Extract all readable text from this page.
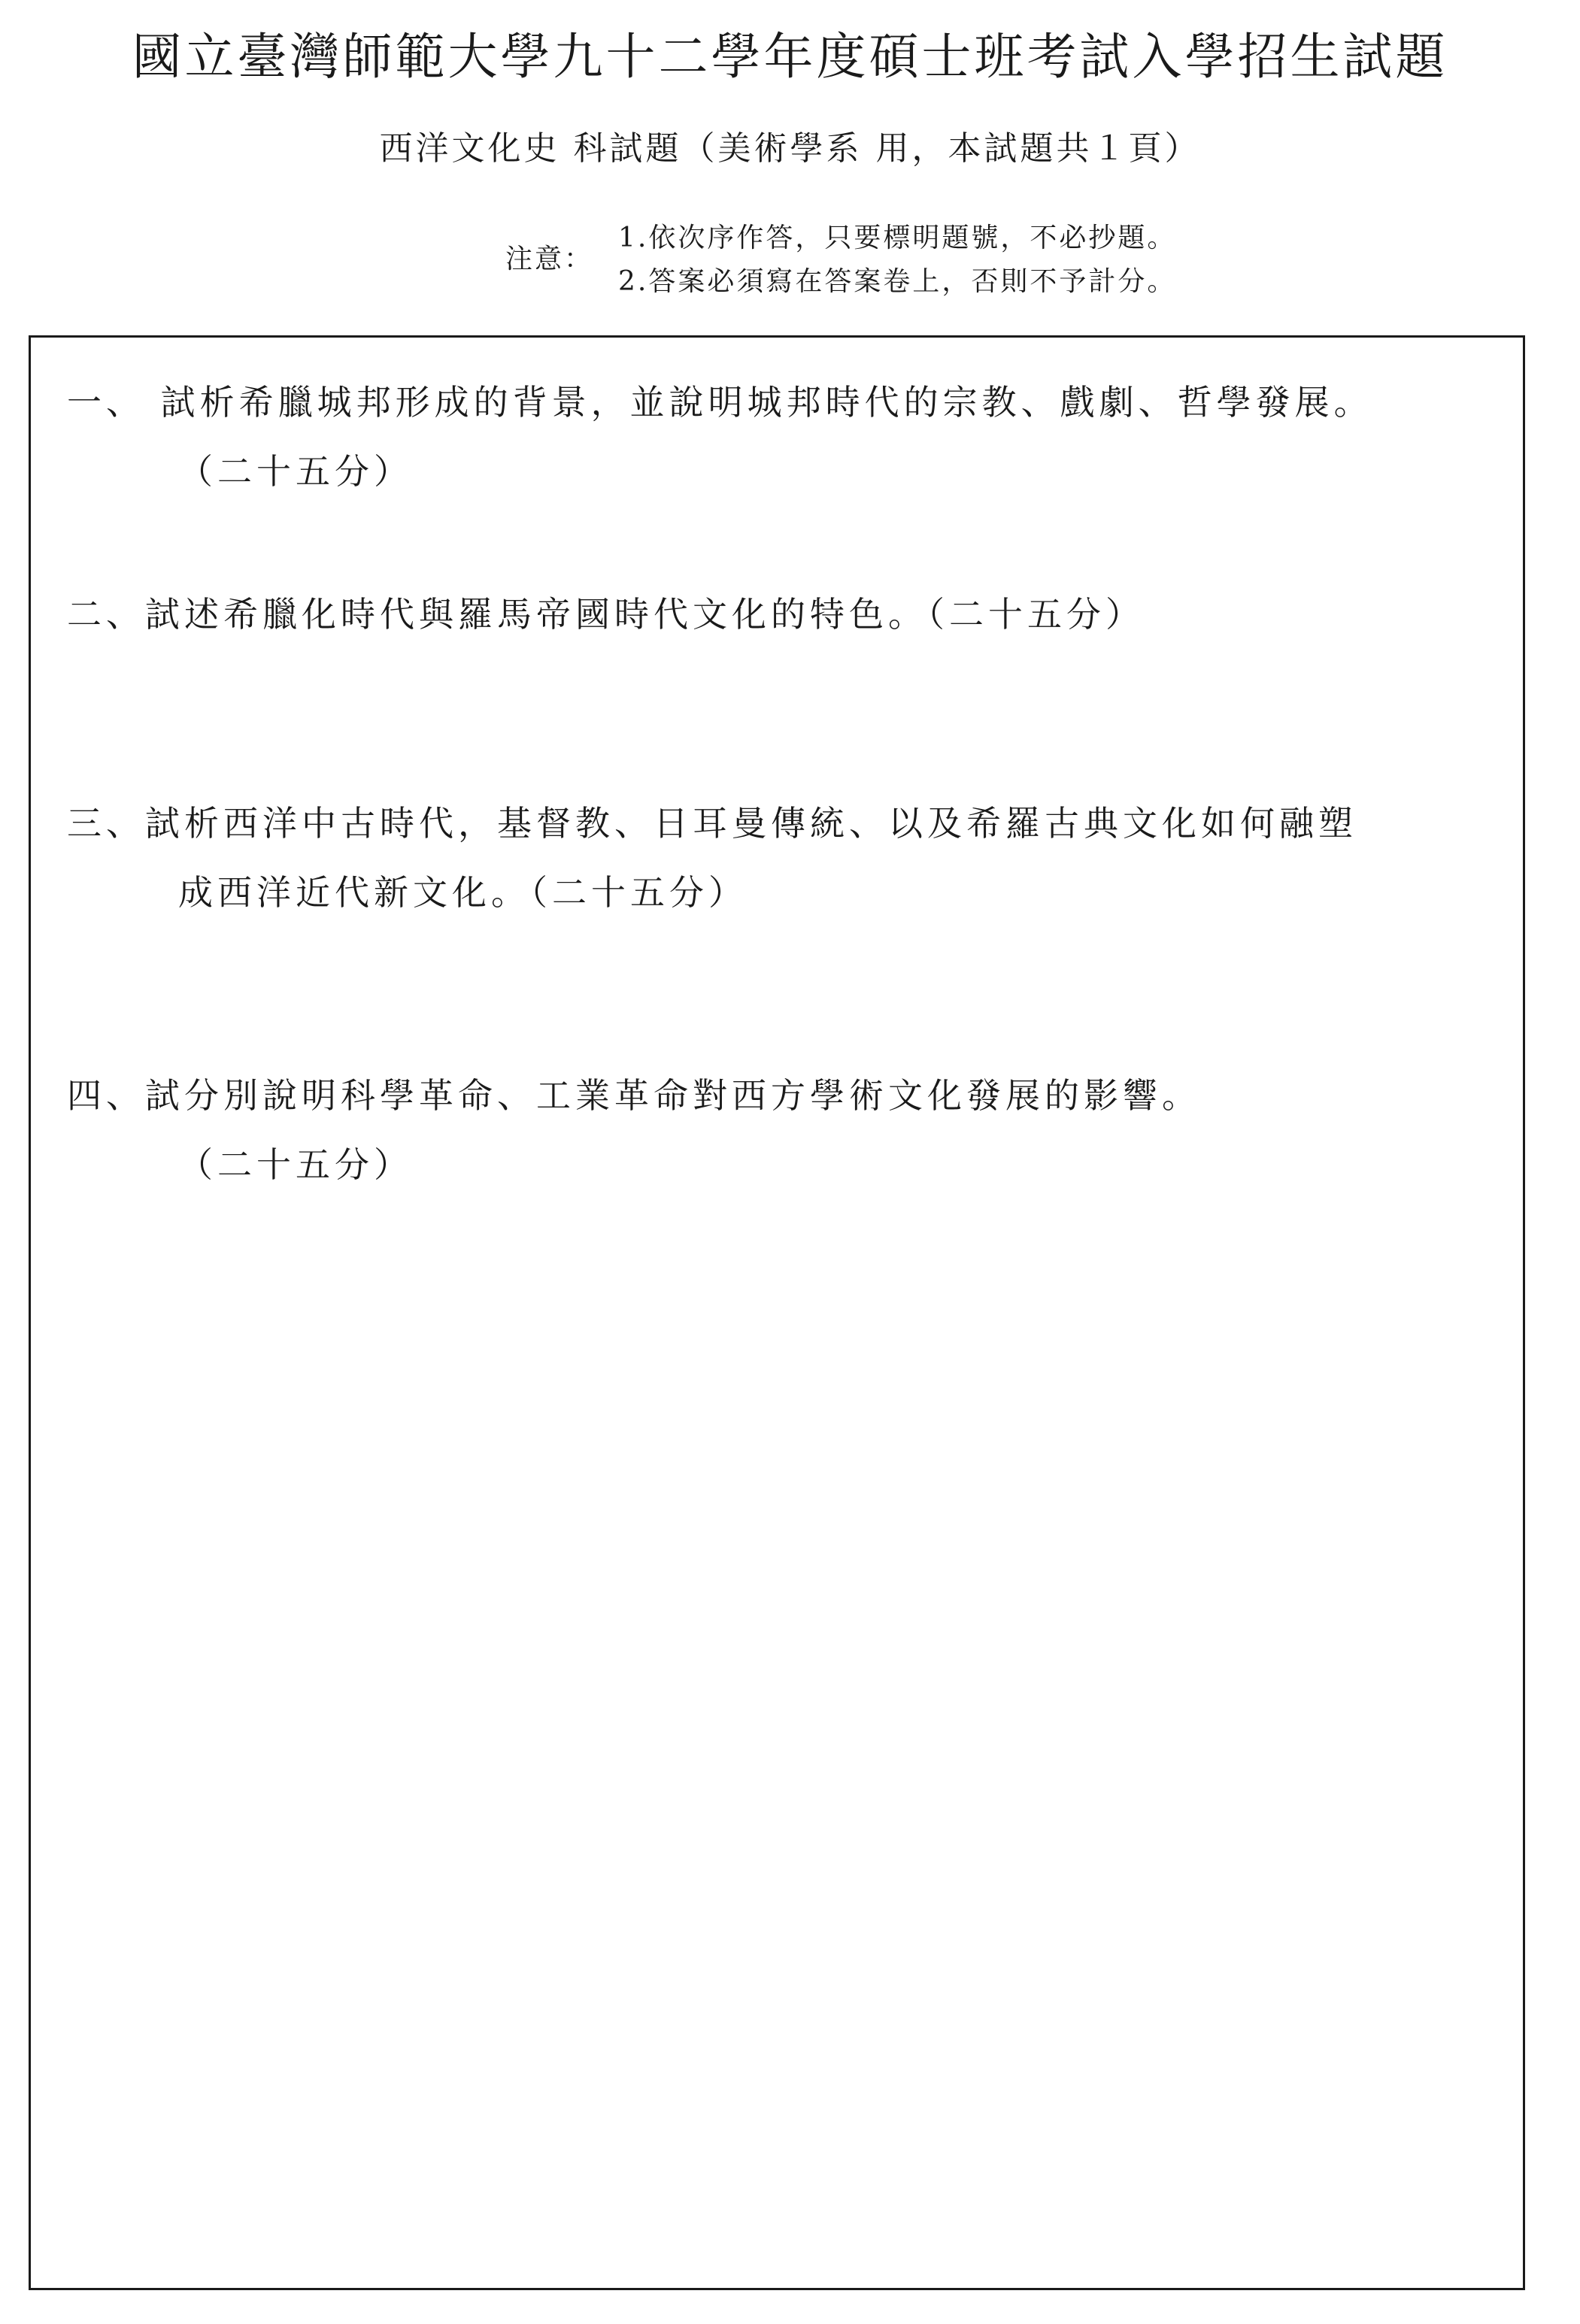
國立臺灣師範大學九十二學年度碩士班考試入學招生試題
西洋文化史 科試題（美術學系 用，本試題共１頁）
注意：
1.依次序作答，只要標明題號，不必抄題。
2.答案必須寫在答案卷上，否則不予計分。
一、 試析希臘城邦形成的背景，並說明城邦時代的宗教、戲劇、哲學發展。
（二十五分）
二、試述希臘化時代與羅馬帝國時代文化的特色。（二十五分）
三、試析西洋中古時代，基督教、日耳曼傳統、以及希羅古典文化如何融塑
成西洋近代新文化。（二十五分）
四、試分別說明科學革命、工業革命對西方學術文化發展的影響。
（二十五分）
